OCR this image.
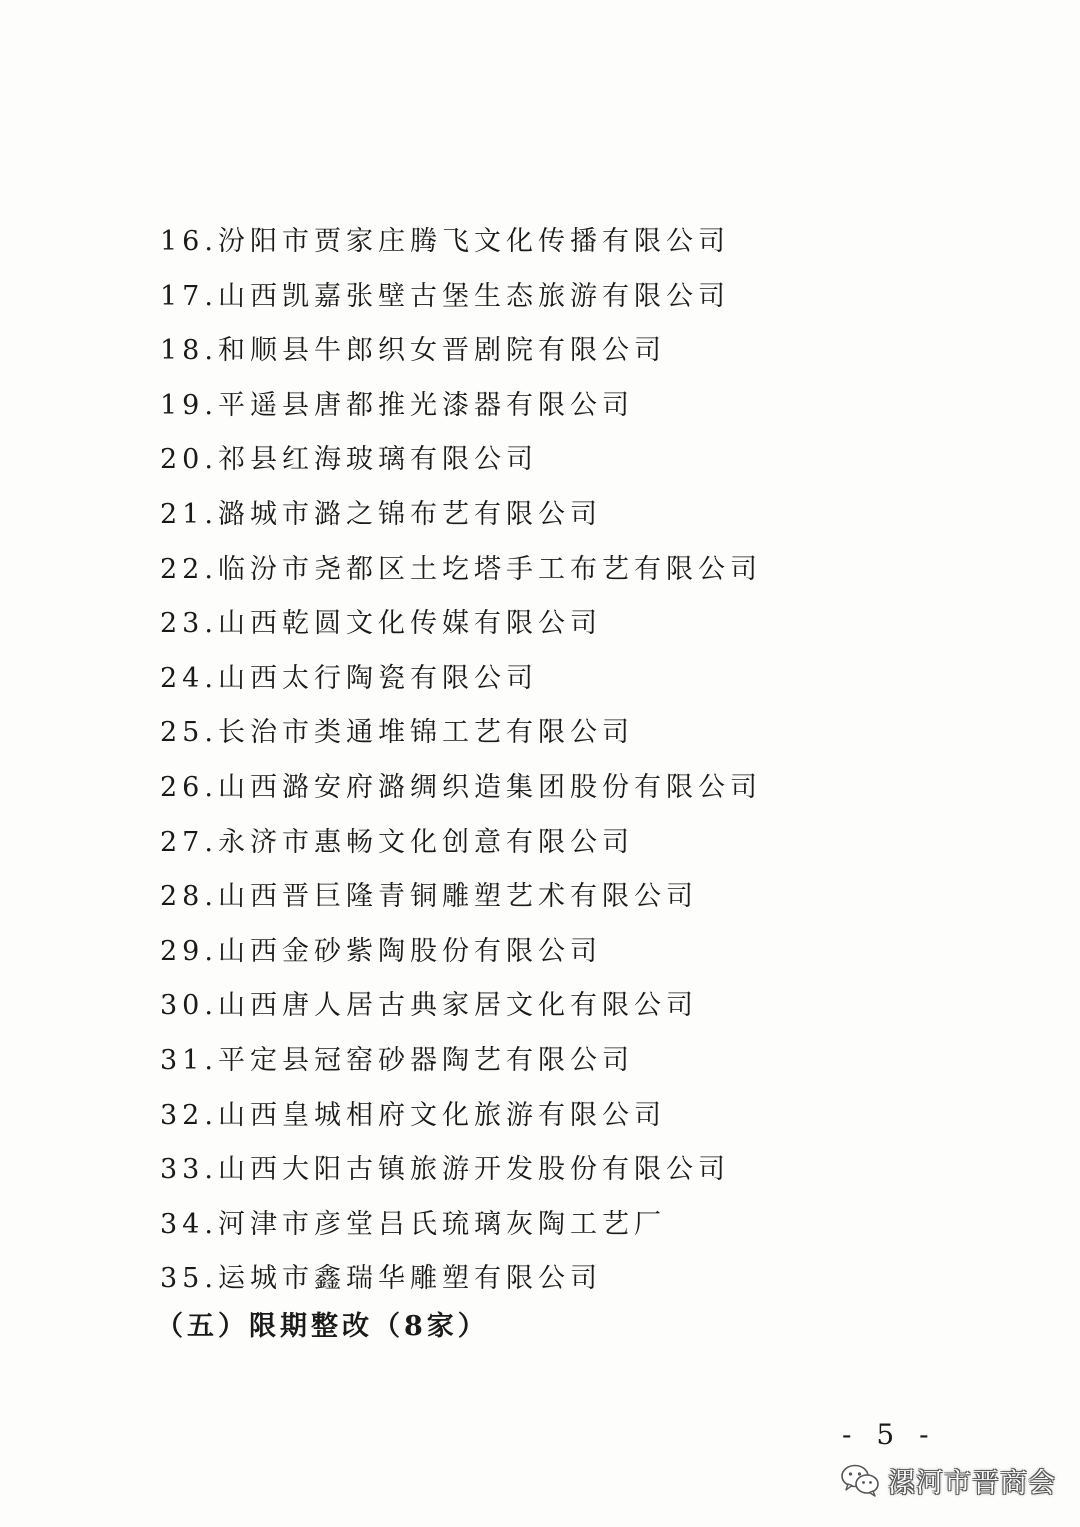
16.汾阳市贾家庄腾飞文化传播有限公司
17.山西凯嘉张壁古堡生态旅游有限公司
18.和顺县牛郎织女晋剧院有限公司
19.平遥县唐都推光漆器有限公司
20.祁县红海玻璃有限公司
21.潞城市潞之锦布艺有限公司
22.临汾市尧都区土圪塔手工布艺有限公司
23.山西乾圆文化传媒有限公司
24.山西太行陶瓷有限公司
25.长治市类通堆锦工艺有限公司
26.山西潞安府潞绸织造集团股份有限公司
27.永济市惠畅文化创意有限公司
28.山西晋巨隆青铜雕塑艺术有限公司
29.山西金砂紫陶股份有限公司
30.山西唐人居古典家居文化有限公司
31.平定县冠窑砂器陶艺有限公司
32.山西皇城相府文化旅游有限公司
33.山西大阳古镇旅游开发股份有限公司
34.河津市彦堂吕氏琉璃灰陶工艺厂
35.运城市鑫瑞华雕塑有限公司
（五）限期整改（8家）
- 5 -
漯河市晋商会
